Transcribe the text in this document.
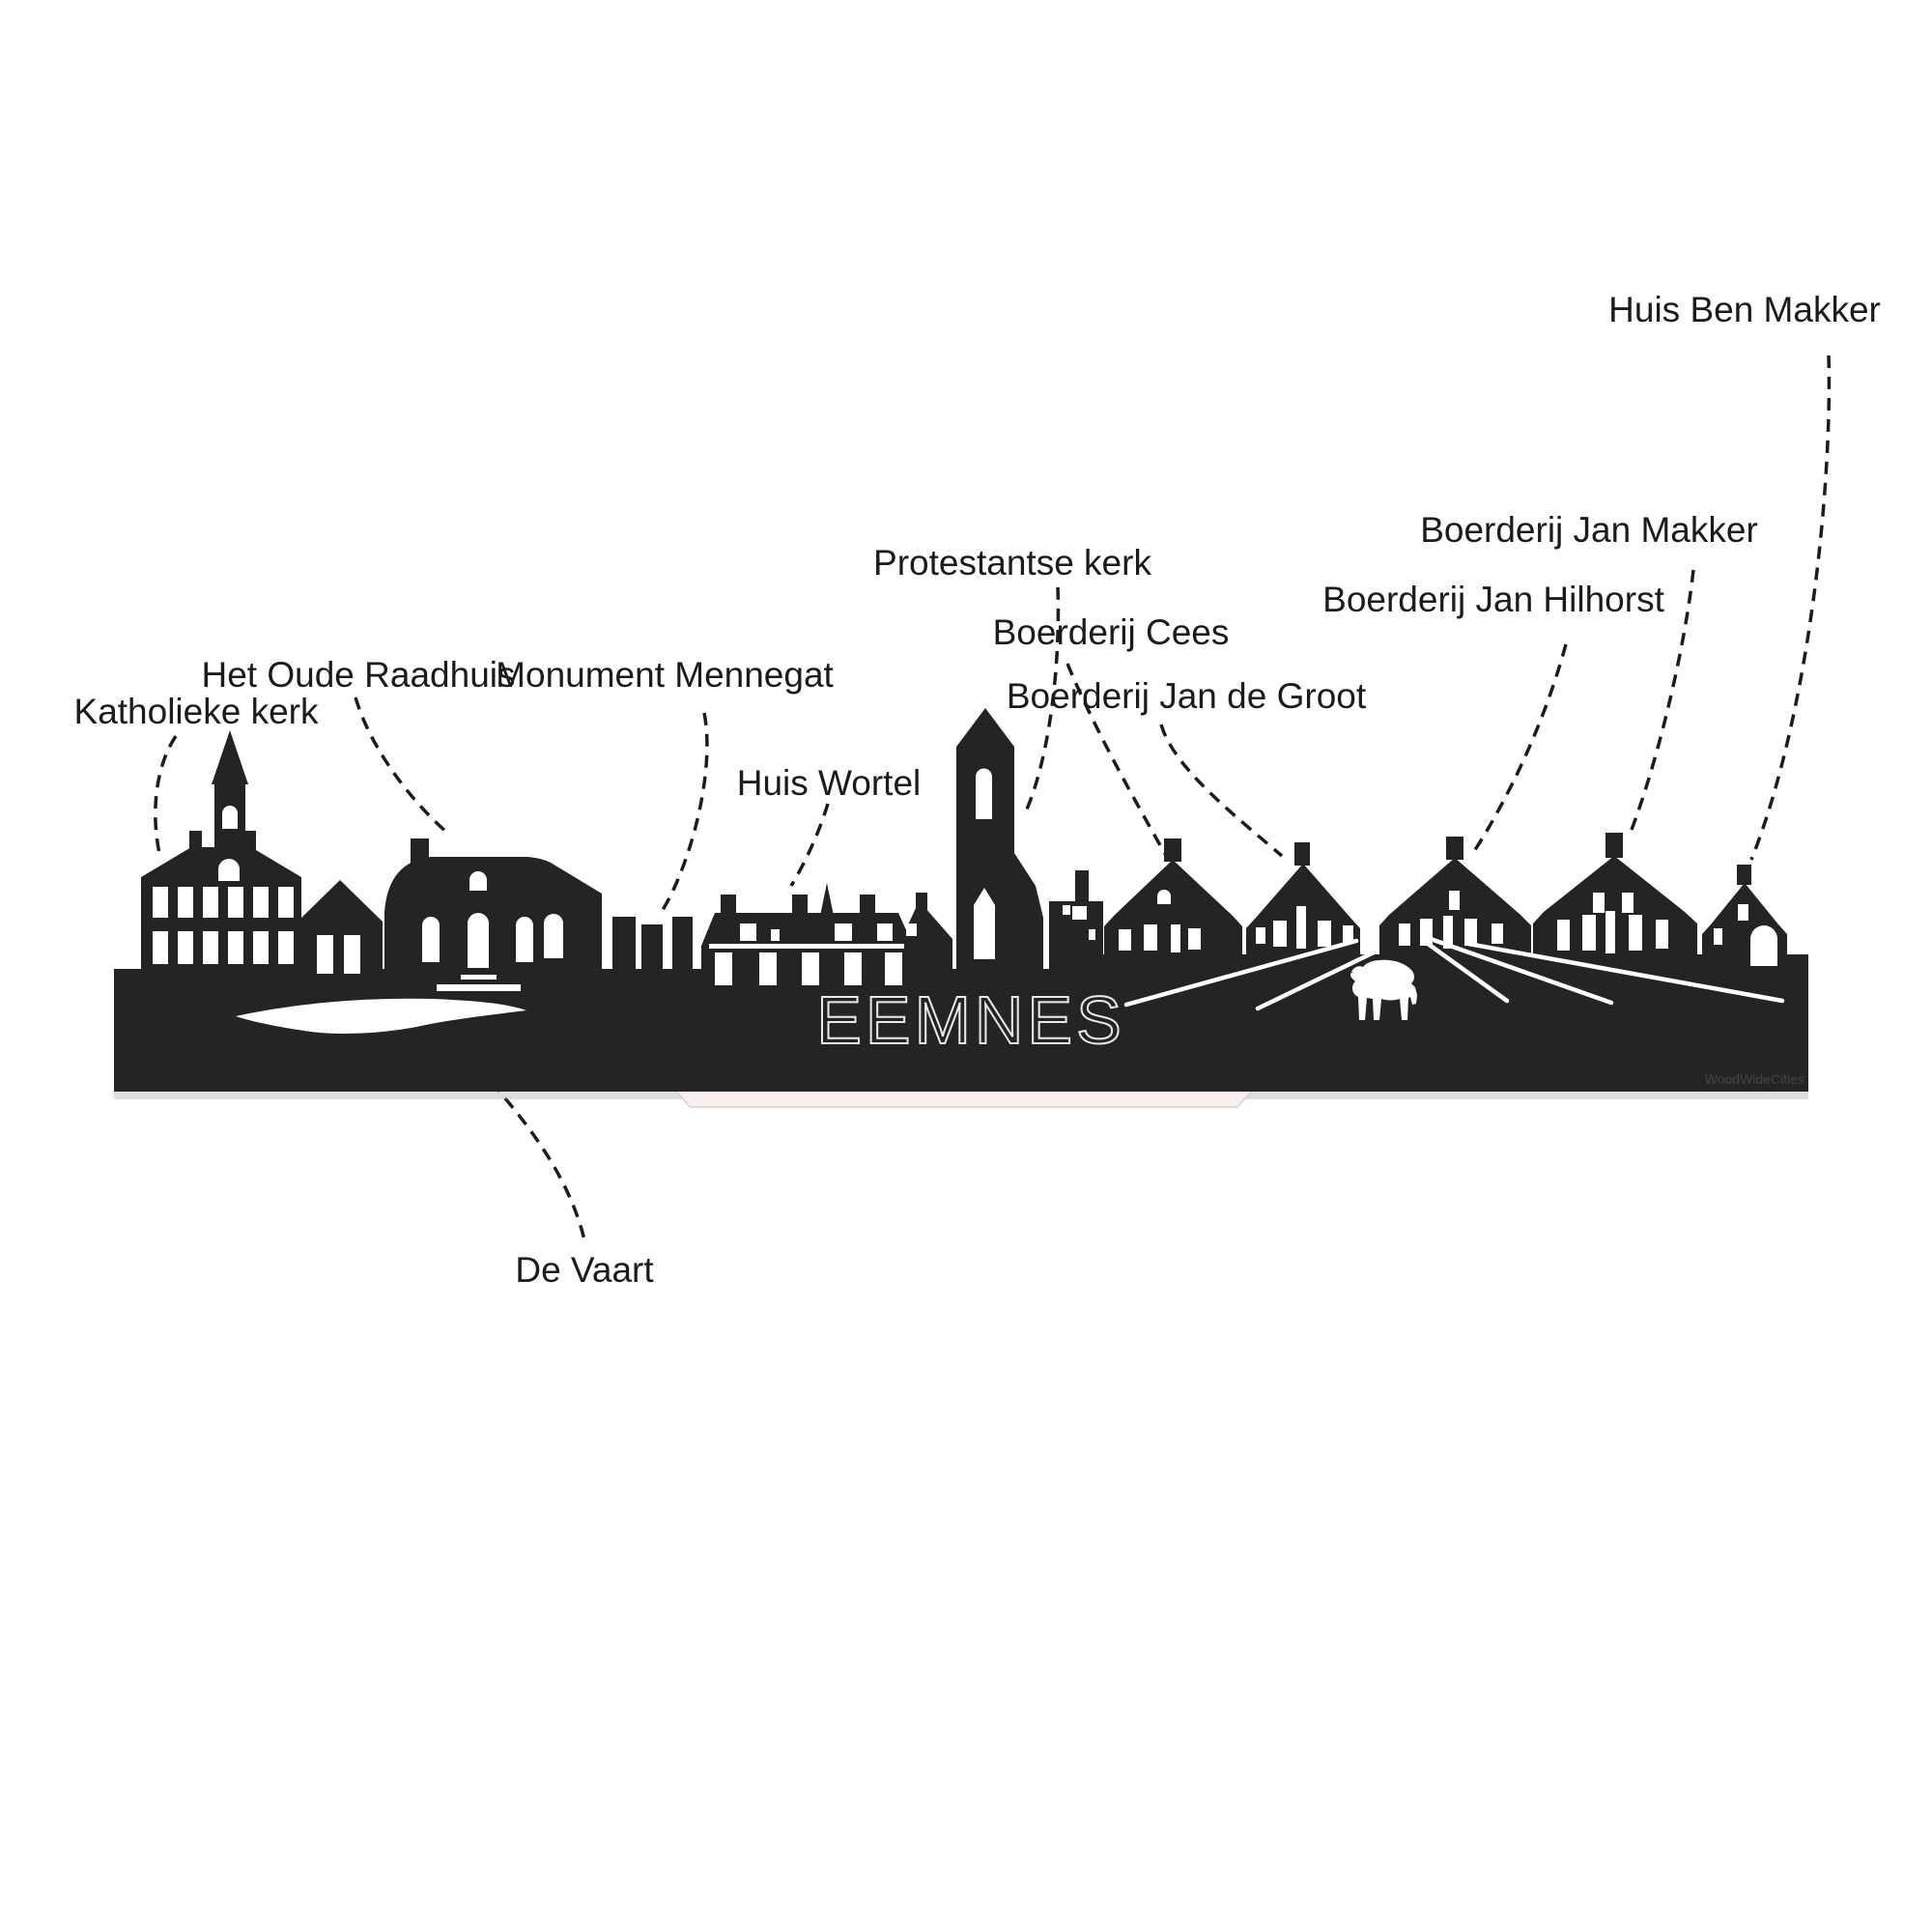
EEMNES
WoodWideCities
Katholieke kerk
Het Oude Raadhuis
Monument Mennegat
Huis Wortel
Protestantse kerk
Boerderij Cees
Boerderij Jan de Groot
Boerderij Jan Hilhorst
Boerderij Jan Makker
Huis Ben Makker
De Vaart
